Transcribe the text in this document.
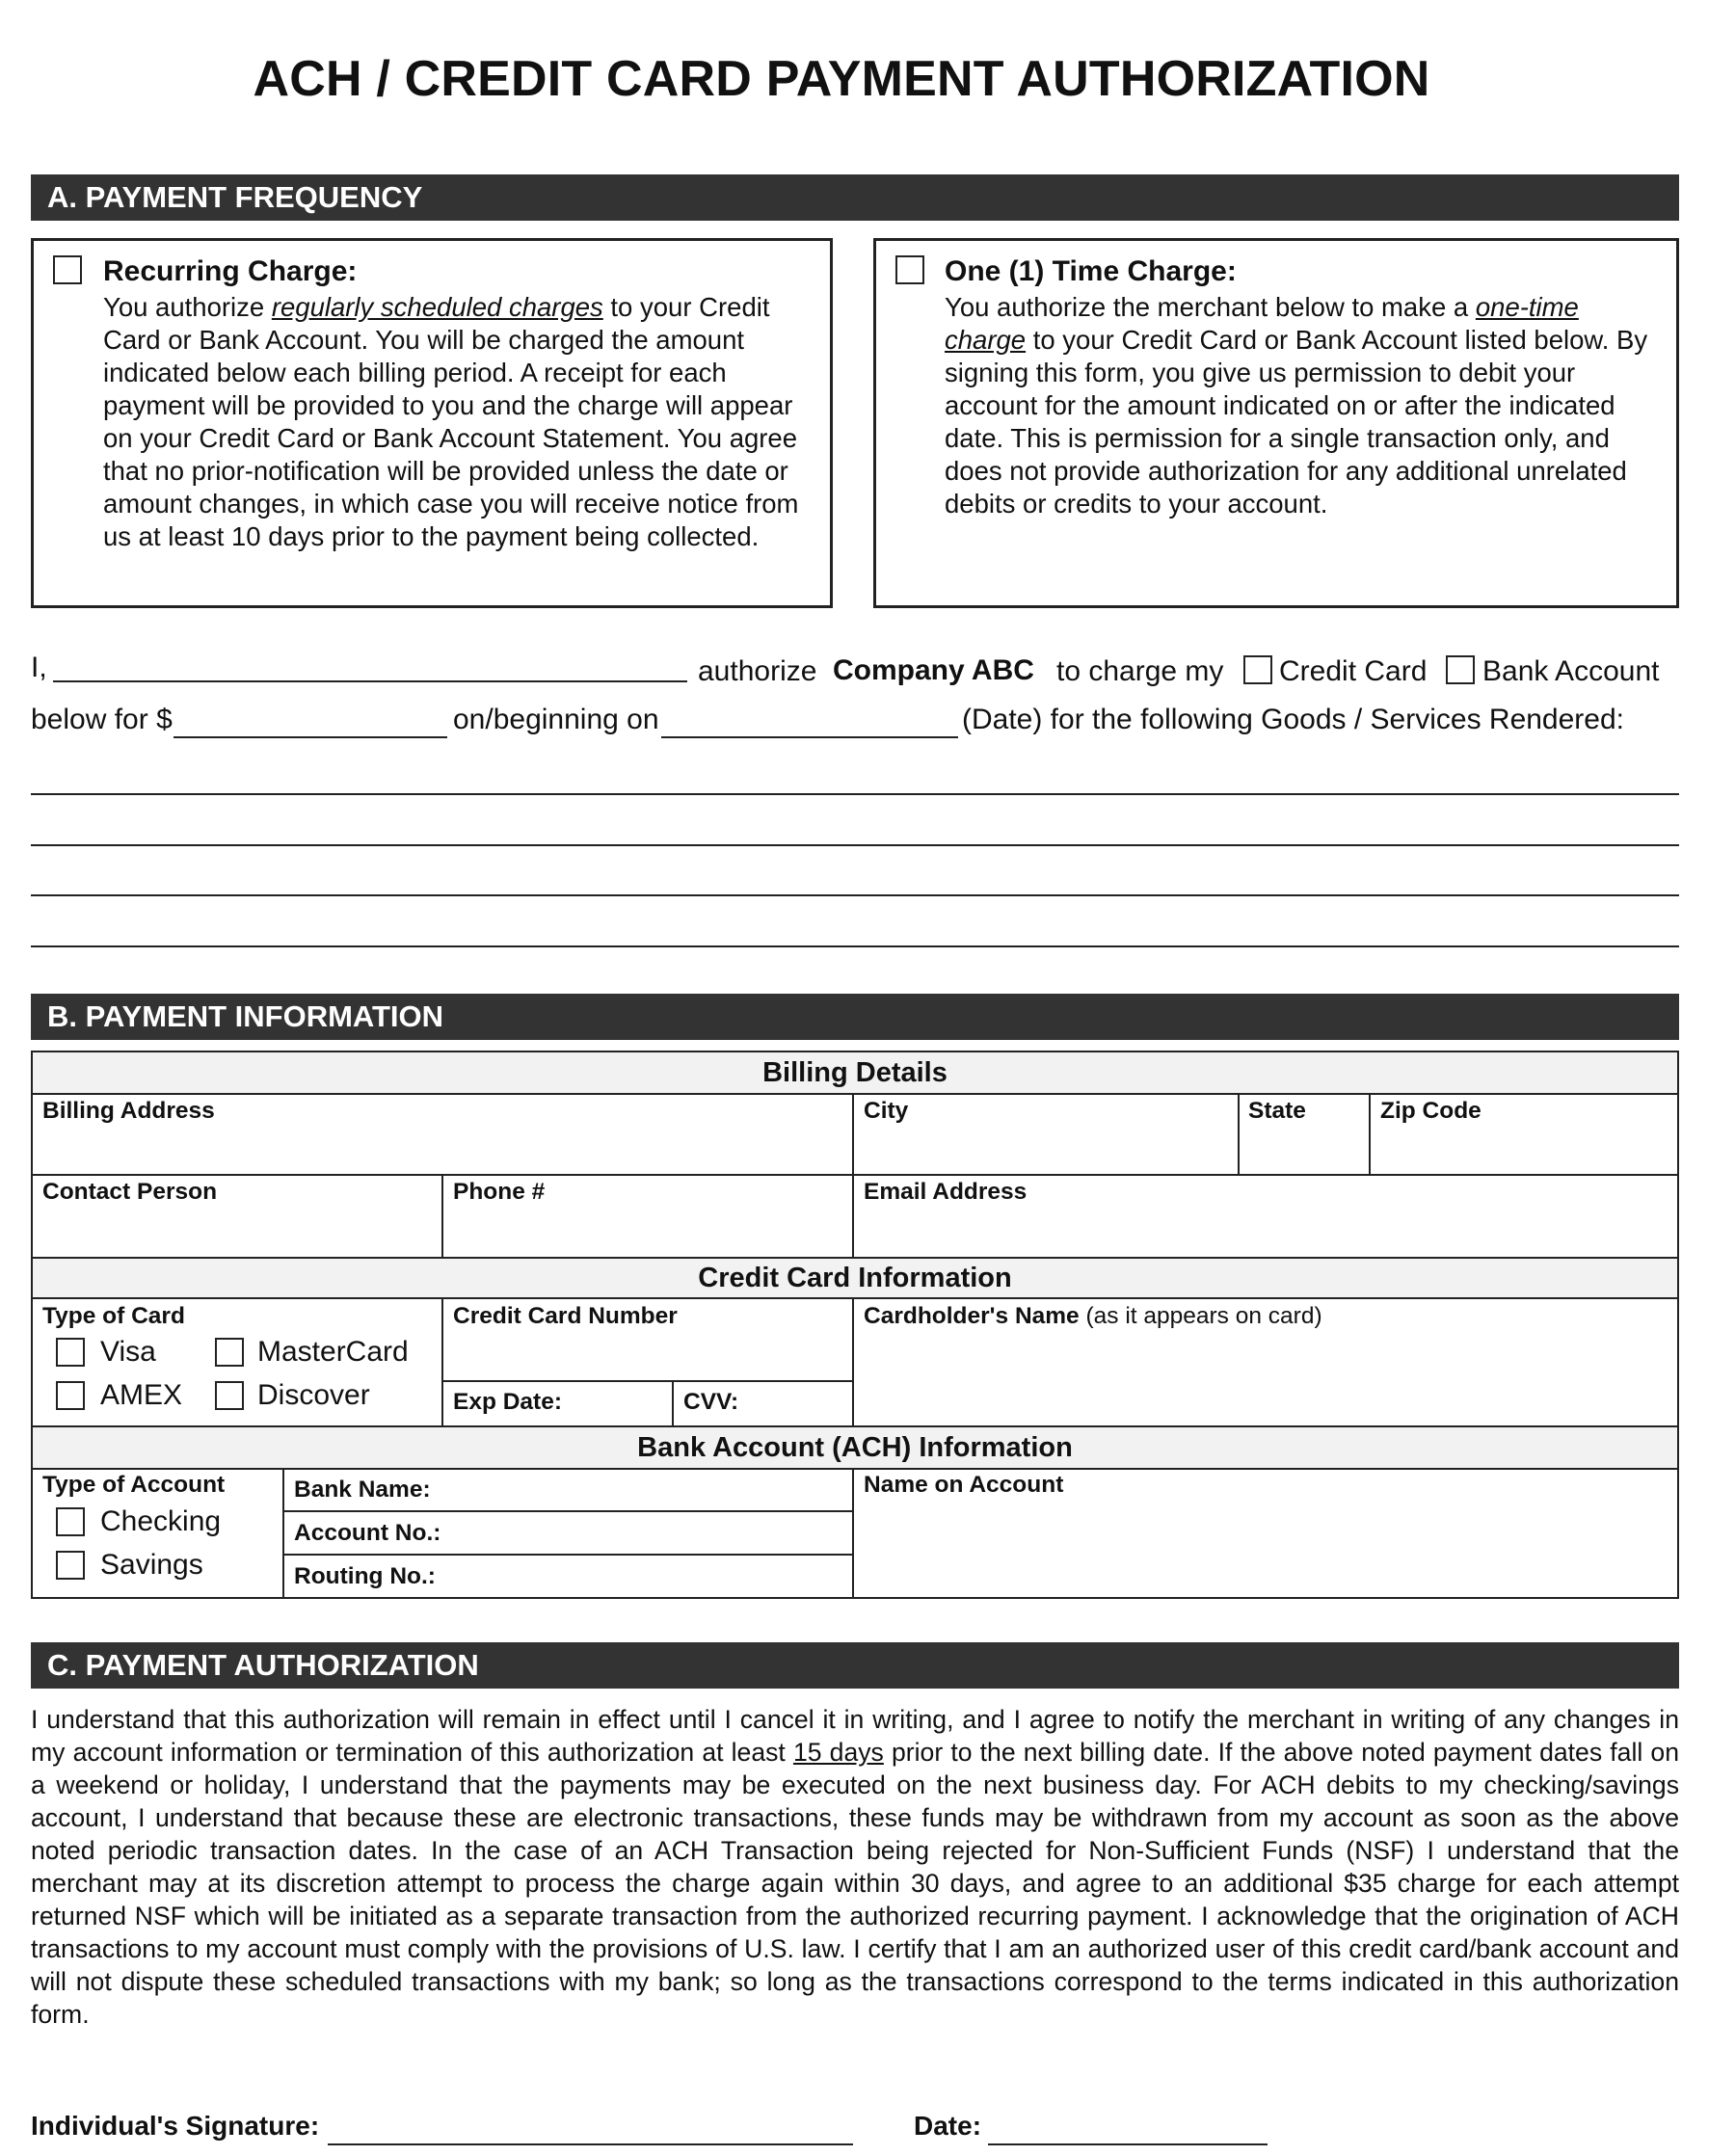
ACH / CREDIT CARD PAYMENT AUTHORIZATION
A. PAYMENT FREQUENCY
Recurring Charge:
You authorize regularly scheduled charges to your Credit Card or Bank Account. You will be charged the amount indicated below each billing period. A receipt for each payment will be provided to you and the charge will appear on your Credit Card or Bank Account Statement. You agree that no prior-notification will be provided unless the date or amount changes, in which case you will receive notice from us at least 10 days prior to the payment being collected.
One (1) Time Charge:
You authorize the merchant below to make a one-time charge to your Credit Card or Bank Account listed below. By signing this form, you give us permission to debit your account for the amount indicated on or after the indicated date. This is permission for a single transaction only, and does not provide authorization for any additional unrelated debits or credits to your account.
I,	authorize Company ABC to charge my Credit Card Bank Account
below for $	on/beginning on	(Date) for the following Goods / Services Rendered:
B. PAYMENT INFORMATION
Billing Details
Credit Card Information
Bank Account (ACH) Information
Billing Address	City	State	Zip Code
Contact Person	Phone #	Email Address
Type of Card
Visa	MasterCard
AMEX	Discover
Credit Card Number
Exp Date:	CVV:
Cardholder's Name (as it appears on card)
Type of Account
Checking
Savings
Bank Name:
Account No.:
Routing No.:
Name on Account
C. PAYMENT AUTHORIZATION
I understand that this authorization will remain in effect until I cancel it in writing, and I agree to notify the merchant in writing of any changes in my account information or termination of this authorization at least 15 days prior to the next billing date. If the above noted payment dates fall on a weekend or holiday, I understand that the payments may be executed on the next business day. For ACH debits to my checking/savings account, I understand that because these are electronic transactions, these funds may be withdrawn from my account as soon as the above noted periodic transaction dates. In the case of an ACH Transaction being rejected for Non-Sufficient Funds (NSF) I understand that the merchant may at its discretion attempt to process the charge again within 30 days, and agree to an additional $35 charge for each attempt returned NSF which will be initiated as a separate transaction from the authorized recurring payment. I acknowledge that the origination of ACH transactions to my account must comply with the provisions of U.S. law. I certify that I am an authorized user of this credit card/bank account and will not dispute these scheduled transactions with my bank; so long as the transactions correspond to the terms indicated in this authorization form.
Individual's Signature:	Date:
